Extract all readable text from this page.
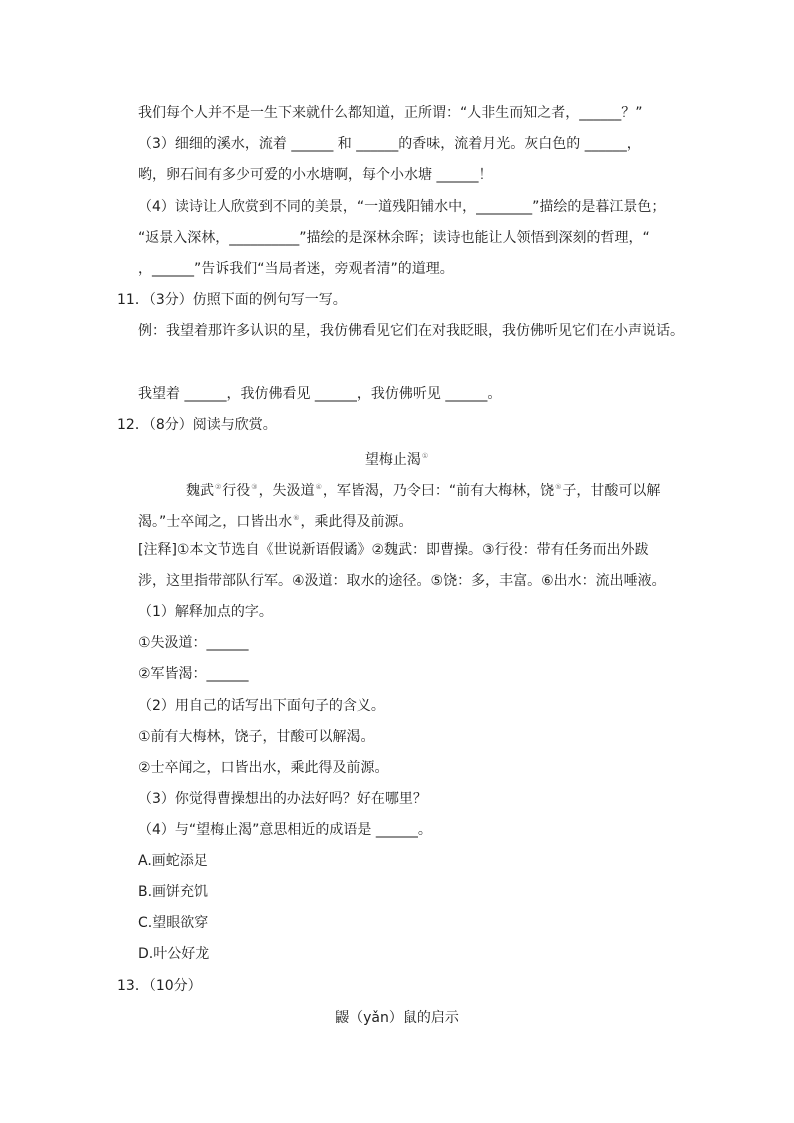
我们每个人并不是一生下来就什么都知道，正所谓：“人非生而知之者，______？”
（3）细细的溪水，流着 ______ 和 ______的香味，流着月光。灰白色的 ______，
哟，卵石间有多少可爱的小水塘啊，每个小水塘 ______！
（4）读诗让人欣赏到不同的美景，“一道残阳铺水中，________”描绘的是暮江景色；
“返景入深林，__________”描绘的是深林余晖；读诗也能让人领悟到深刻的哲理，“
，______”告诉我们“当局者迷，旁观者清”的道理。
11．（3分）仿照下面的例句写一写。
例：我望着那许多认识的星，我仿佛看见它们在对我眨眼，我仿佛听见它们在小声说话。
我望着 ______，我仿佛看见 ______，我仿佛听见 ______。
12．（8分）阅读与欣赏。
望梅止渴①
魏武②行役③，失汲道④，军皆渴，乃令曰：“前有大梅林，饶⑤子，甘酸可以解
渴。”士卒闻之，口皆出水⑥，乘此得及前源。
[注释]①本文节选自《世说新语假谲》②魏武：即曹操。③行役：带有任务而出外跋
涉，这里指带部队行军。④汲道：取水的途径。⑤饶：多，丰富。⑥出水：流出唾液。
（1）解释加点的字。
①失汲道：______
②军皆渴：______
（2）用自己的话写出下面句子的含义。
①前有大梅林，饶子，甘酸可以解渴。
②士卒闻之，口皆出水，乘此得及前源。
（3）你觉得曹操想出的办法好吗？好在哪里？
（4）与“望梅止渴”意思相近的成语是 ______。
A.画蛇添足
B.画饼充饥
C.望眼欲穿
D.叶公好龙
13．（10分）
鼹（yǎn）鼠的启示
